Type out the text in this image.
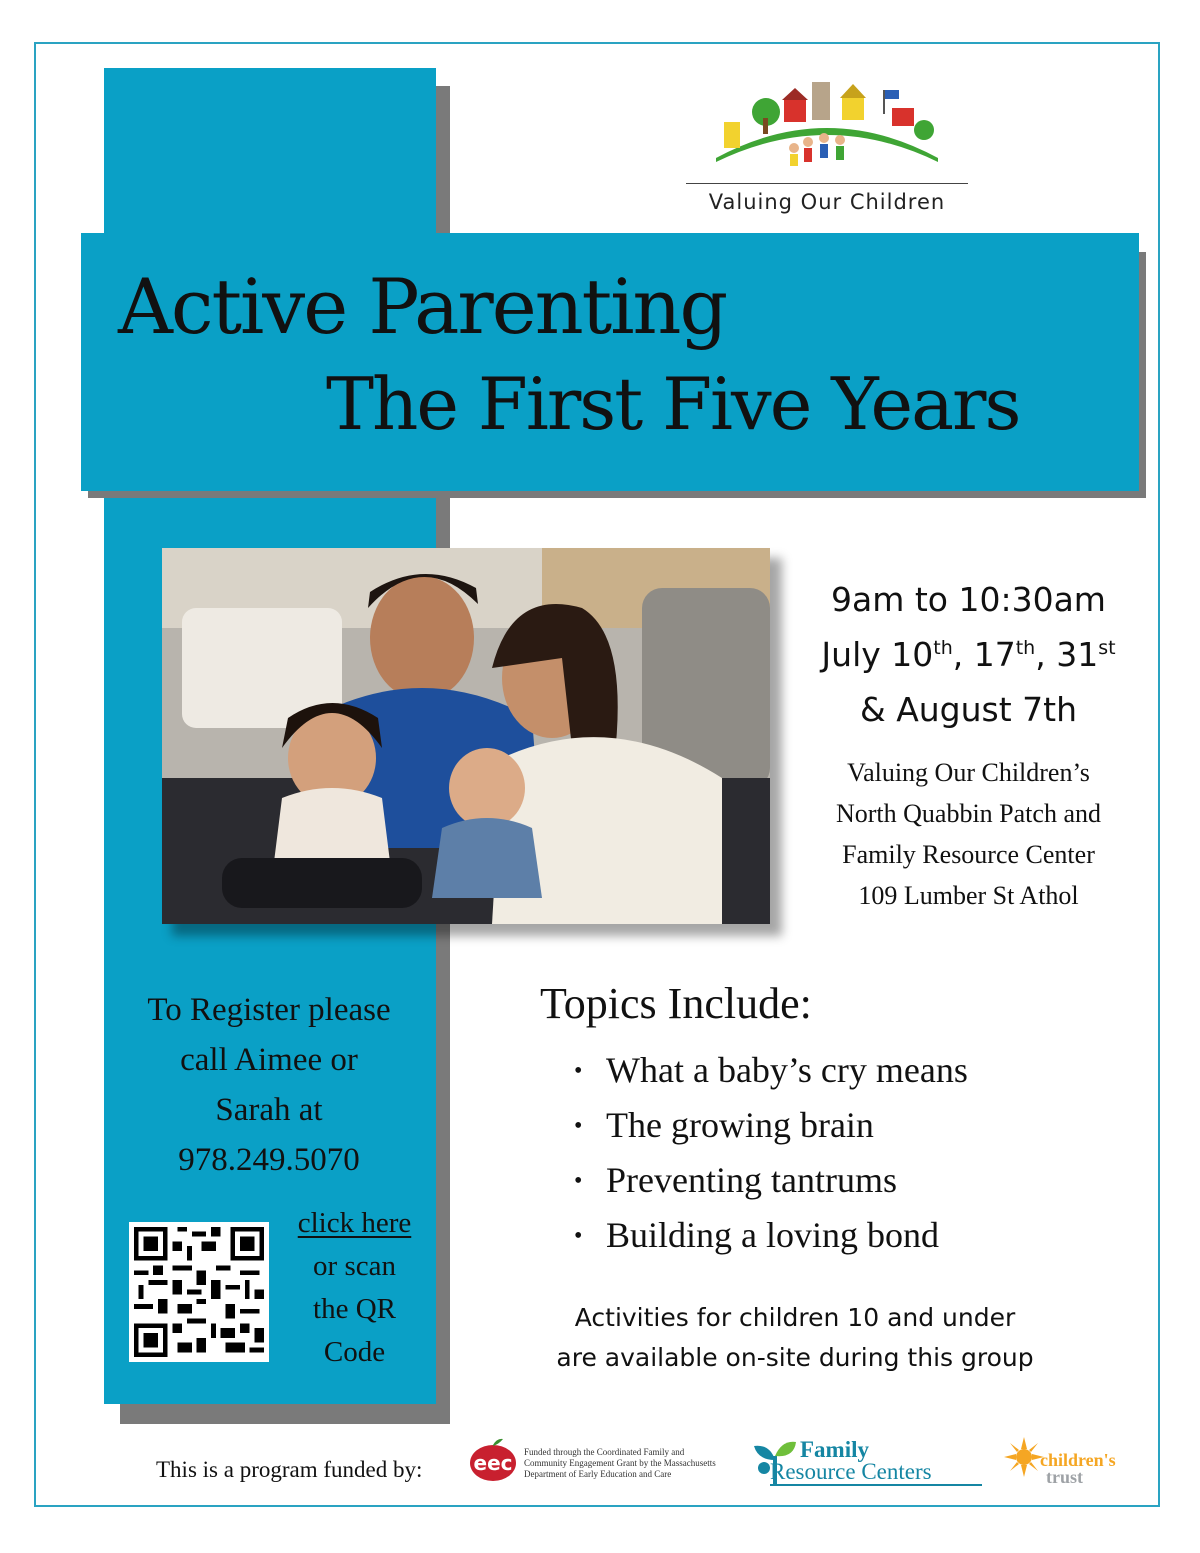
Valuing Our Children
Active Parenting
The First Five Years
9am to 10:30am
July 10th, 17th, 31st
& August 7th
Valuing Our Children’s
North Quabbin Patch and
Family Resource Center
109 Lumber St Athol
To Register please
call Aimee or
Sarah at
978.249.5070
click here
or scan
the QR
Code
Topics Include:
• What a baby’s cry means
• The growing brain
• Preventing tantrums
• Building a loving bond
Activities for children 10 and under
are available on-site during this group
This is a program funded by:	eec Funded through the Coordinated Family and
Community Engagement Grant by the Massachusetts
Department of Early Education and Care
Family
Resource Centers	children's
trust
